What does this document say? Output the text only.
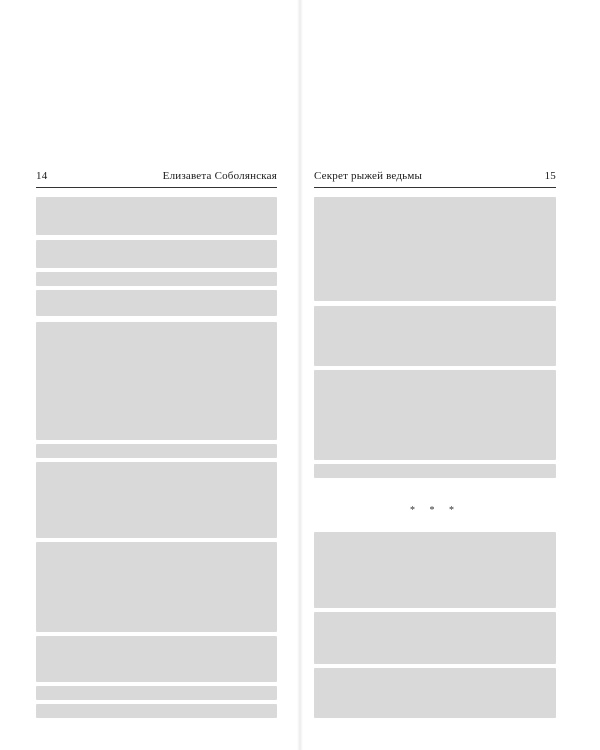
14	Елизавета Соболянская	Секрет рыжей ведьмы	15
* * *
